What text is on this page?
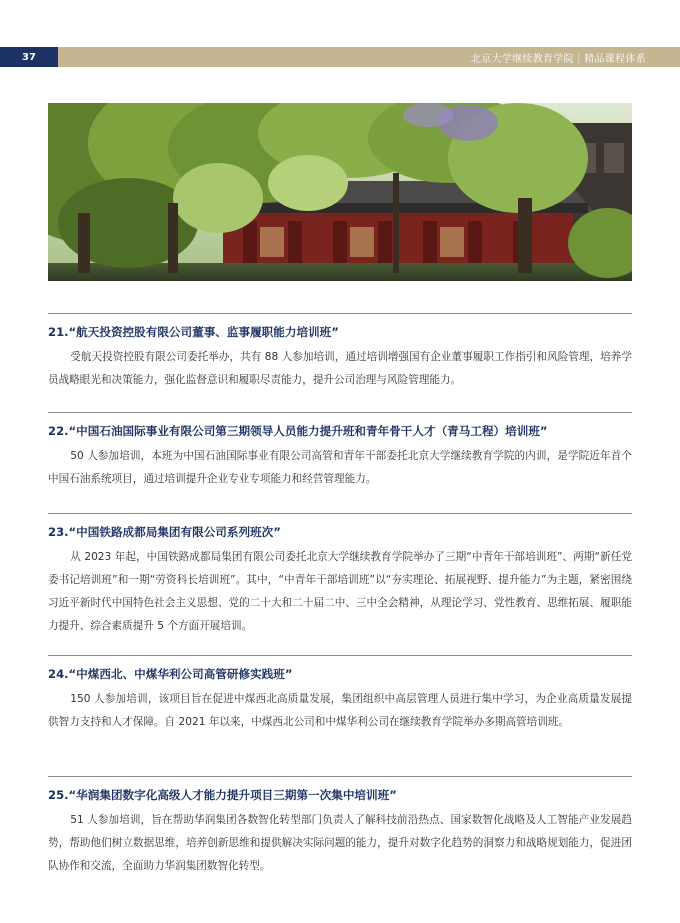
37	北京大学继续教育学院｜精品课程体系
21.“航天投资控股有限公司董事、监事履职能力培训班”
受航天投资控股有限公司委托举办，共有 88 人参加培训，通过培训增强国有企业董事履职工作指引和风险管理，培养学员战略眼光和决策能力，强化监督意识和履职尽责能力，提升公司治理与风险管理能力。
22.“中国石油国际事业有限公司第三期领导人员能力提升班和青年骨干人才（青马工程）培训班”
50 人参加培训，本班为中国石油国际事业有限公司高管和青年干部委托北京大学继续教育学院的内训，是学院近年首个中国石油系统项目，通过培训提升企业专业专项能力和经营管理能力。
23.“中国铁路成都局集团有限公司系列班次”
从 2023 年起，中国铁路成都局集团有限公司委托北京大学继续教育学院举办了三期“中青年干部培训班”、两期“新任党委书记培训班”和一期“劳资科长培训班”。其中，“中青年干部培训班”以“夯实理论、拓展视野、提升能力”为主题，紧密围绕习近平新时代中国特色社会主义思想、党的二十大和二十届二中、三中全会精神，从理论学习、党性教育、思维拓展、履职能力提升、综合素质提升 5 个方面开展培训。
24.“中煤西北、中煤华利公司高管研修实践班”
150 人参加培训，该项目旨在促进中煤西北高质量发展，集团组织中高层管理人员进行集中学习，为企业高质量发展提供智力支持和人才保障。自 2021 年以来，中煤西北公司和中煤华利公司在继续教育学院举办多期高管培训班。
25.“华润集团数字化高级人才能力提升项目三期第一次集中培训班”
51 人参加培训，旨在帮助华润集团各数智化转型部门负责人了解科技前沿热点、国家数智化战略及人工智能产业发展趋势，帮助他们树立数据思维，培养创新思维和提供解决实际问题的能力，提升对数字化趋势的洞察力和战略规划能力，促进团队协作和交流，全面助力华润集团数智化转型。
